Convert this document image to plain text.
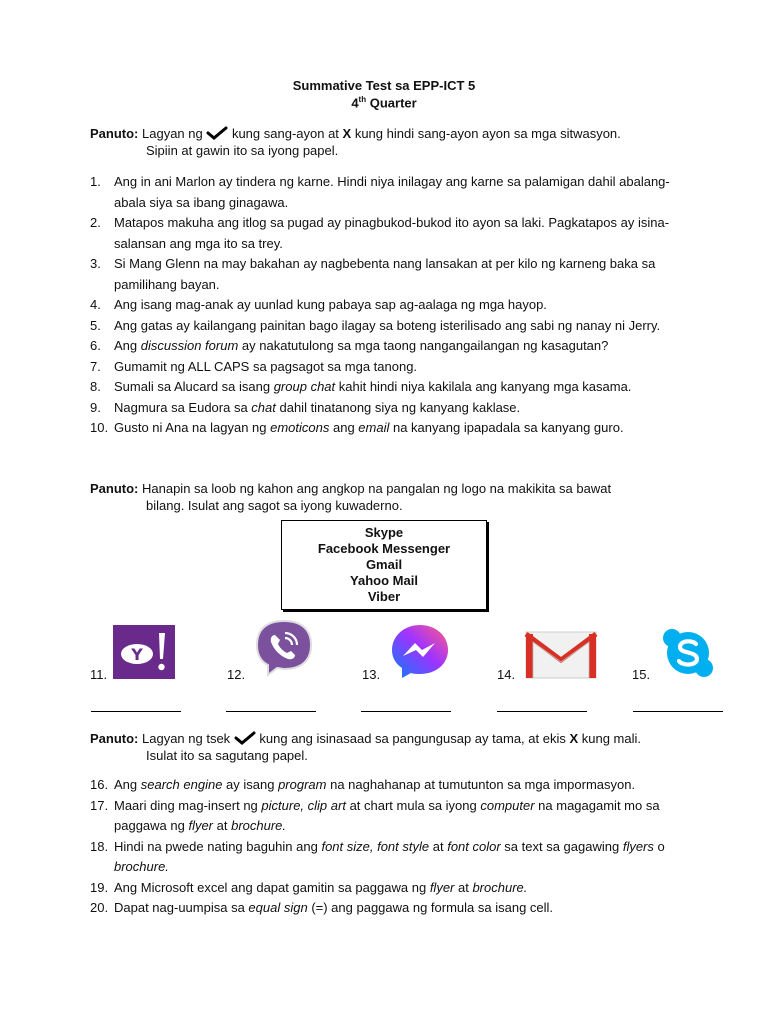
Summative Test sa EPP-ICT 5
4th Quarter
Panuto: Lagyan ng  kung sang-ayon at X kung hindi sang-ayon ayon sa mga sitwasyon.
Sipiin at gawin ito sa iyong papel.
1. Ang in ani Marlon ay tindera ng karne. Hindi niya inilagay ang karne sa palamigan dahil abalang-abala siya sa ibang ginagawa.
2. Matapos makuha ang itlog sa pugad ay pinagbukod-bukod ito ayon sa laki. Pagkatapos ay isina-salansan ang mga ito sa trey.
3. Si Mang Glenn na may bakahan ay nagbebenta nang lansakan at per kilo ng karneng baka sa pamilihang bayan.
4. Ang isang mag-anak ay uunlad kung pabaya sap ag-aalaga ng mga hayop.
5. Ang gatas ay kailangang painitan bago ilagay sa boteng isterilisado ang sabi ng nanay ni Jerry.
6. Ang discussion forum ay nakatutulong sa mga taong nangangailangan ng kasagutan?
7. Gumamit ng ALL CAPS sa pagsagot sa mga tanong.
8. Sumali sa Alucard sa isang group chat kahit hindi niya kakilala ang kanyang mga kasama.
9. Nagmura sa Eudora sa chat dahil tinatanong siya ng kanyang kaklase.
10. Gusto ni Ana na lagyan ng emoticons ang email na kanyang ipapadala sa kanyang guro.
Panuto: Hanapin sa loob ng kahon ang angkop na pangalan ng logo na makikita sa bawat
bilang. Isulat ang sagot sa iyong kuwaderno.
Skype
Facebook Messenger
Gmail
Yahoo Mail
Viber
Y
11.	12.	13.	14.	15.
Panuto: Lagyan ng tsek  kung ang isinasaad sa pangungusap ay tama, at ekis X kung mali.
Isulat ito sa sagutang papel.
16. Ang search engine ay isang program na naghahanap at tumutunton sa mga impormasyon.
17. Maari ding mag-insert ng picture, clip art at chart mula sa iyong computer na magagamit mo sa paggawa ng flyer at brochure.
18. Hindi na pwede nating baguhin ang font size, font style at font color sa text sa gagawing flyers o brochure.
19. Ang Microsoft excel ang dapat gamitin sa paggawa ng flyer at brochure.
20. Dapat nag-uumpisa sa equal sign (=) ang paggawa ng formula sa isang cell.
